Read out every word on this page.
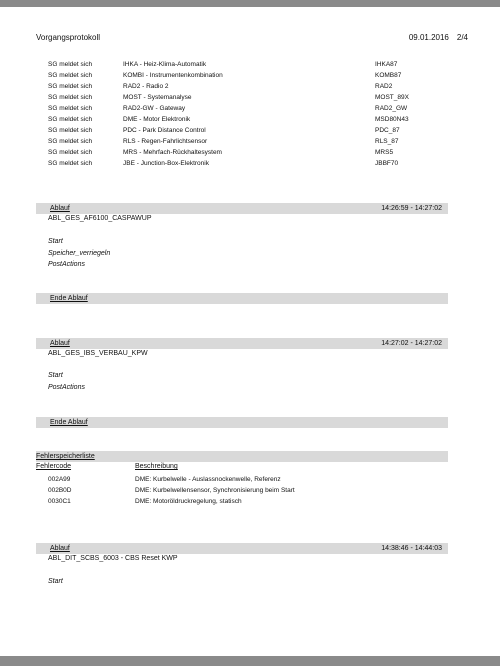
Vorgangsprotokoll	09.01.2016 2/4
SG meldet sich	IHKA - Heiz-Klima-Automatik	IHKA87
SG meldet sich	KOMBI - Instrumentenkombination	KOMB87
SG meldet sich	RAD2 - Radio 2	RAD2
SG meldet sich	MOST - Systemanalyse	MOST_89X
SG meldet sich	RAD2-GW - Gateway	RAD2_GW
SG meldet sich	DME - Motor Elektronik	MSD80N43
SG meldet sich	PDC - Park Distance Control	PDC_87
SG meldet sich	RLS - Regen-Fahrlichtsensor	RLS_87
SG meldet sich	MRS - Mehrfach-Rückhaltesystem	MRS5
SG meldet sich	JBE - Junction-Box-Elektronik	JBBF70
Ablauf	14:26:59 - 14:27:02
ABL_GES_AF6100_CASPAWUP
Start
Speicher_verriegeln
PostActions
Ende Ablauf
Ablauf	14:27:02 - 14:27:02
ABL_GES_IBS_VERBAU_KPW
Start
PostActions
Ende Ablauf
Fehlerspeicherliste
Fehlercode	Beschreibung
002A99	DME: Kurbelwelle - Auslassnockenwelle, Referenz
002B0D	DME: Kurbelwellensensor, Synchronisierung beim Start
0030C1	DME: Motoröldruckregelung, statisch
Ablauf	14:38:46 - 14:44:03
ABL_DIT_SCBS_6003 - CBS Reset KWP
Start
